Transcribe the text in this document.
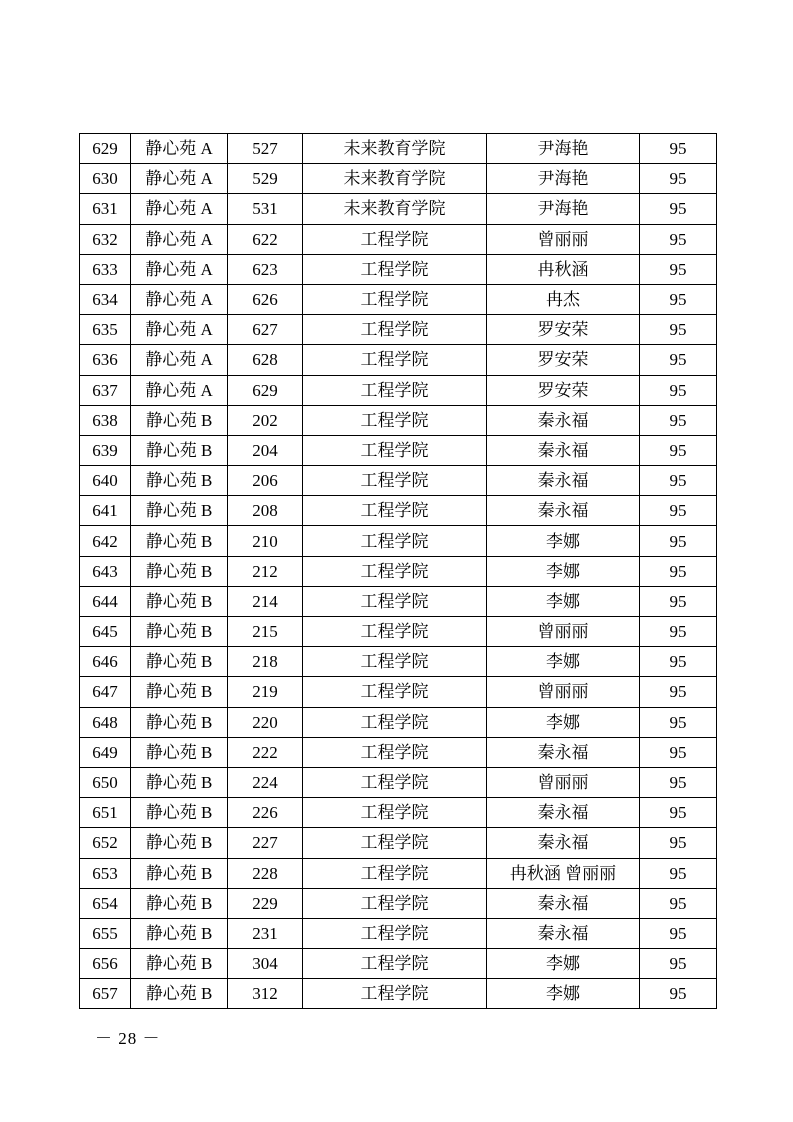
629	静心苑 A	527	未来教育学院	尹海艳	95
630	静心苑 A	529	未来教育学院	尹海艳	95
631	静心苑 A	531	未来教育学院	尹海艳	95
632	静心苑 A	622	工程学院	曾丽丽	95
633	静心苑 A	623	工程学院	冉秋涵	95
634	静心苑 A	626	工程学院	冉杰	95
635	静心苑 A	627	工程学院	罗安荣	95
636	静心苑 A	628	工程学院	罗安荣	95
637	静心苑 A	629	工程学院	罗安荣	95
638	静心苑 B	202	工程学院	秦永福	95
639	静心苑 B	204	工程学院	秦永福	95
640	静心苑 B	206	工程学院	秦永福	95
641	静心苑 B	208	工程学院	秦永福	95
642	静心苑 B	210	工程学院	李娜	95
643	静心苑 B	212	工程学院	李娜	95
644	静心苑 B	214	工程学院	李娜	95
645	静心苑 B	215	工程学院	曾丽丽	95
646	静心苑 B	218	工程学院	李娜	95
647	静心苑 B	219	工程学院	曾丽丽	95
648	静心苑 B	220	工程学院	李娜	95
649	静心苑 B	222	工程学院	秦永福	95
650	静心苑 B	224	工程学院	曾丽丽	95
651	静心苑 B	226	工程学院	秦永福	95
652	静心苑 B	227	工程学院	秦永福	95
653	静心苑 B	228	工程学院	冉秋涵 曾丽丽	95
654	静心苑 B	229	工程学院	秦永福	95
655	静心苑 B	231	工程学院	秦永福	95
656	静心苑 B	304	工程学院	李娜	95
657	静心苑 B	312	工程学院	李娜	95
－ 28 －
